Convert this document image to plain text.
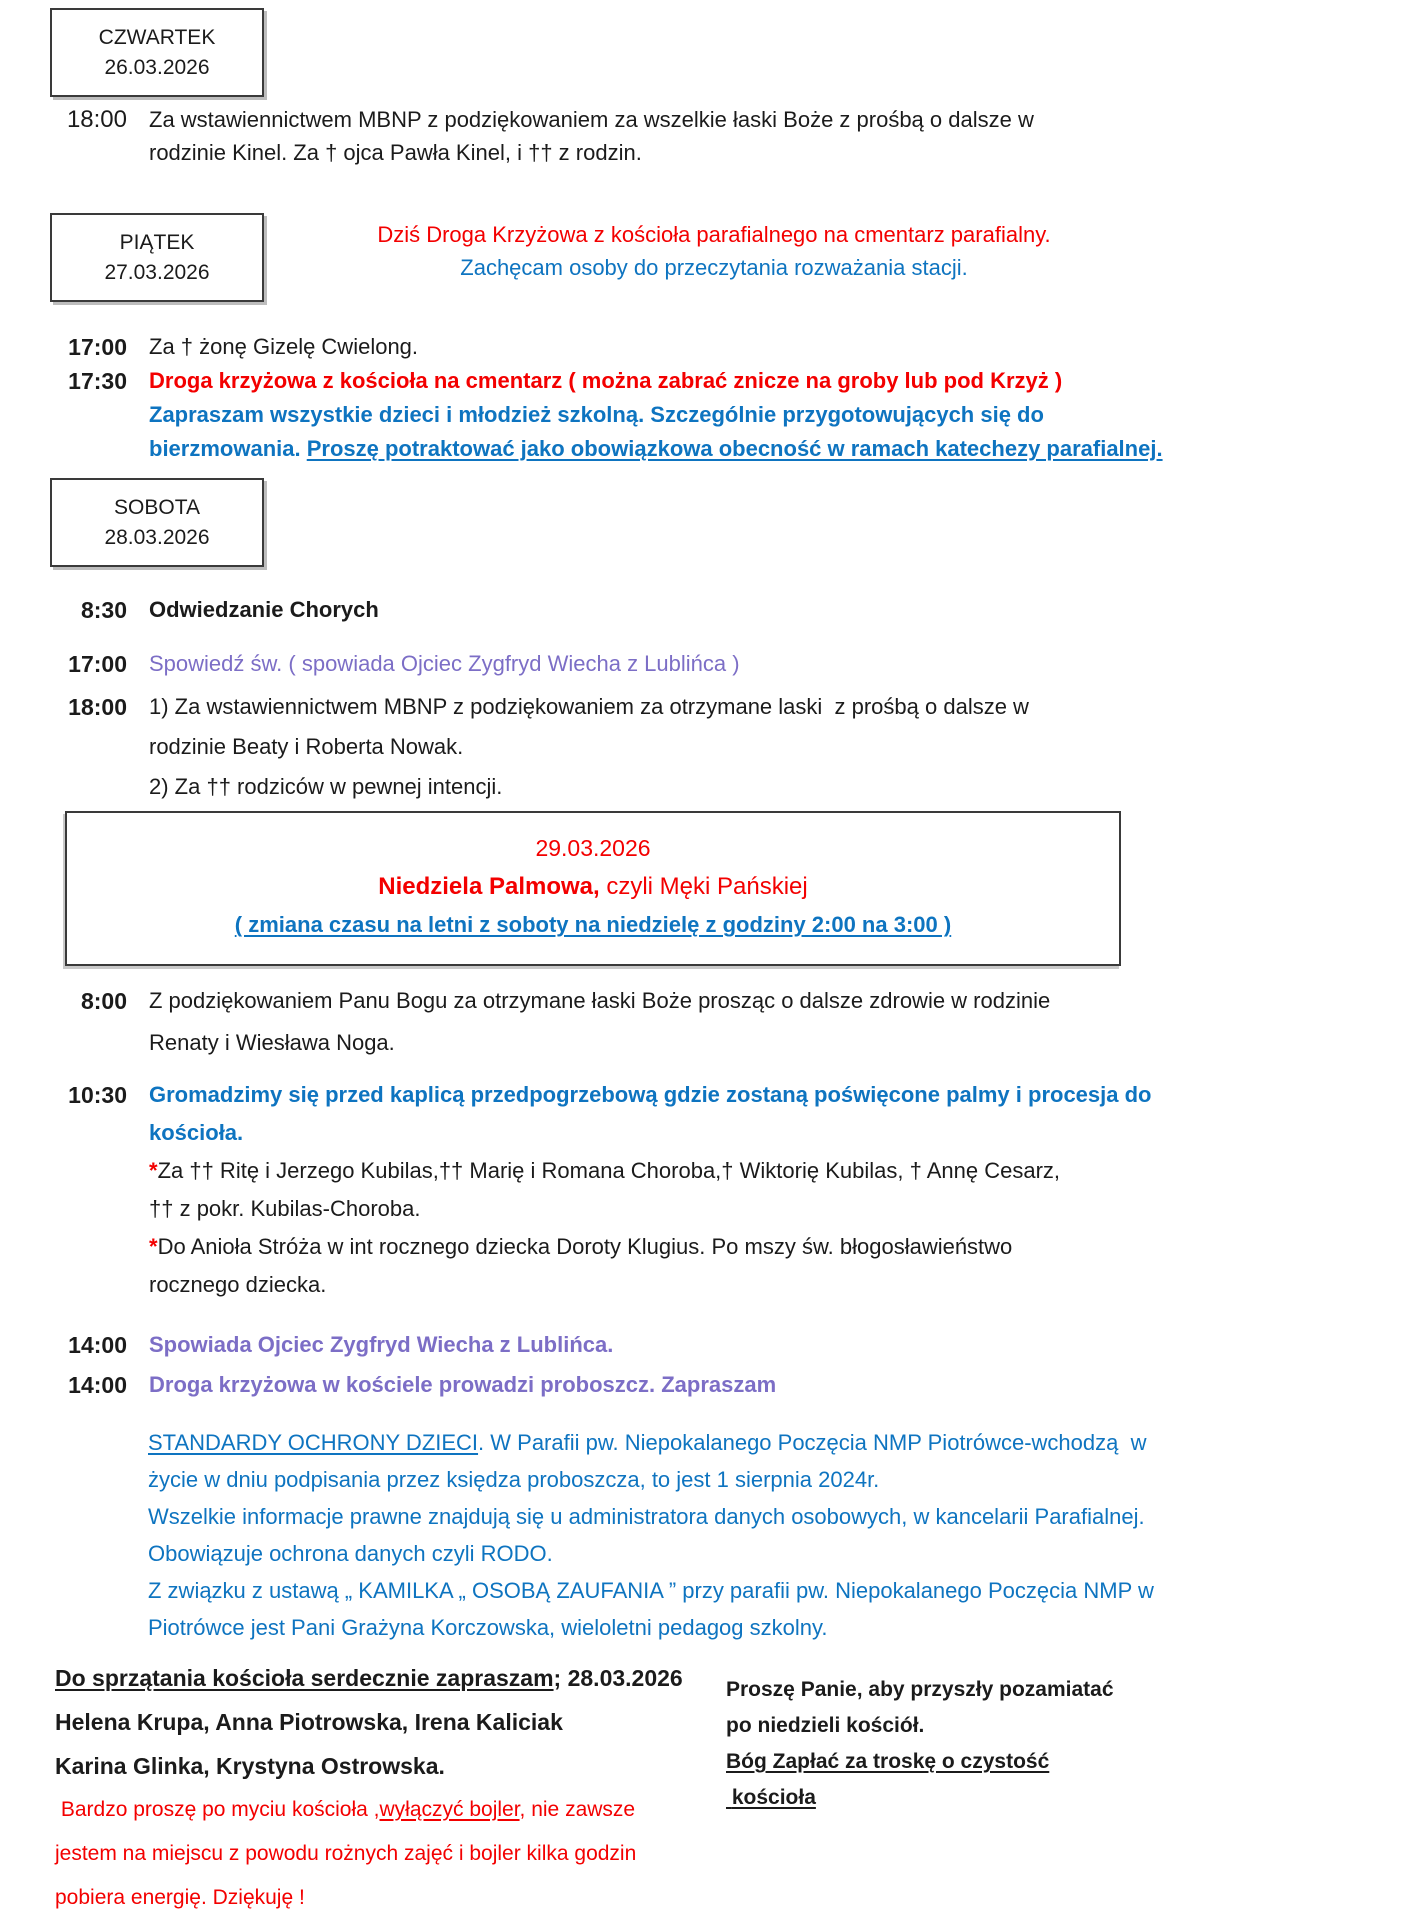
CZWARTEK
26.03.2026
18:00 Za wstawiennictwem MBNP z podziękowaniem za wszelkie łaski Boże z prośbą o dalsze w
rodzinie Kinel. Za † ojca Pawła Kinel, i †† z rodzin.
PIĄTEK
27.03.2026
Dziś Droga Krzyżowa z kościoła parafialnego na cmentarz parafialny.
Zachęcam osoby do przeczytania rozważania stacji.
17:00
17:30
Za † żonę Gizelę Cwielong.
Droga krzyżowa z kościoła na cmentarz ( można zabrać znicze na groby lub pod Krzyż )
Zapraszam wszystkie dzieci i młodzież szkolną. Szczególnie przygotowujących się do
bierzmowania. Proszę potraktować jako obowiązkowa obecność w ramach katechezy parafialnej.
SOBOTA
28.03.2026
8:30 Odwiedzanie Chorych
17:00 Spowiedź św. ( spowiada Ojciec Zygfryd Wiecha z Lublińca )
18:00 1) Za wstawiennictwem MBNP z podziękowaniem za otrzymane laski  z prośbą o dalsze w
rodzinie Beaty i Roberta Nowak.
2) Za †† rodziców w pewnej intencji.
29.03.2026
Niedziela Palmowa, czyli Męki Pańskiej
( zmiana czasu na letni z soboty na niedzielę z godziny 2:00 na 3:00 )
8:00 Z podziękowaniem Panu Bogu za otrzymane łaski Boże prosząc o dalsze zdrowie w rodzinie
Renaty i Wiesława Noga.
10:30 Gromadzimy się przed kaplicą przedpogrzebową gdzie zostaną poświęcone palmy i procesja do
kościoła.
*Za †† Ritę i Jerzego Kubilas,†† Marię i Romana Choroba,† Wiktorię Kubilas, † Annę Cesarz,
†† z pokr. Kubilas-Choroba.
*Do Anioła Stróża w int rocznego dziecka Doroty Klugius. Po mszy św. błogosławieństwo
rocznego dziecka.
14:00 Spowiada Ojciec Zygfryd Wiecha z Lublińca.
14:00 Droga krzyżowa w kościele prowadzi proboszcz. Zapraszam
STANDARDY OCHRONY DZIECI. W Parafii pw. Niepokalanego Poczęcia NMP Piotrówce-wchodzą  w
życie w dniu podpisania przez księdza proboszcza, to jest 1 sierpnia 2024r.
Wszelkie informacje prawne znajdują się u administratora danych osobowych, w kancelarii Parafialnej.
Obowiązuje ochrona danych czyli RODO.
Z związku z ustawą „ KAMILKA „ OSOBĄ ZAUFANIA ” przy parafii pw. Niepokalanego Poczęcia NMP w
Piotrówce jest Pani Grażyna Korczowska, wieloletni pedagog szkolny.
Do sprzątania kościoła serdecznie zapraszam; 28.03.2026
Helena Krupa, Anna Piotrowska, Irena Kaliciak
Karina Glinka, Krystyna Ostrowska.
Bardzo proszę po myciu kościoła ,wyłączyć bojler, nie zawsze
jestem na miejscu z powodu rożnych zajęć i bojler kilka godzin
pobiera energię. Dziękuję !
Proszę Panie, aby przyszły pozamiatać
po niedzieli kościół.
Bóg Zapłać za troskę o czystość
kościoła
